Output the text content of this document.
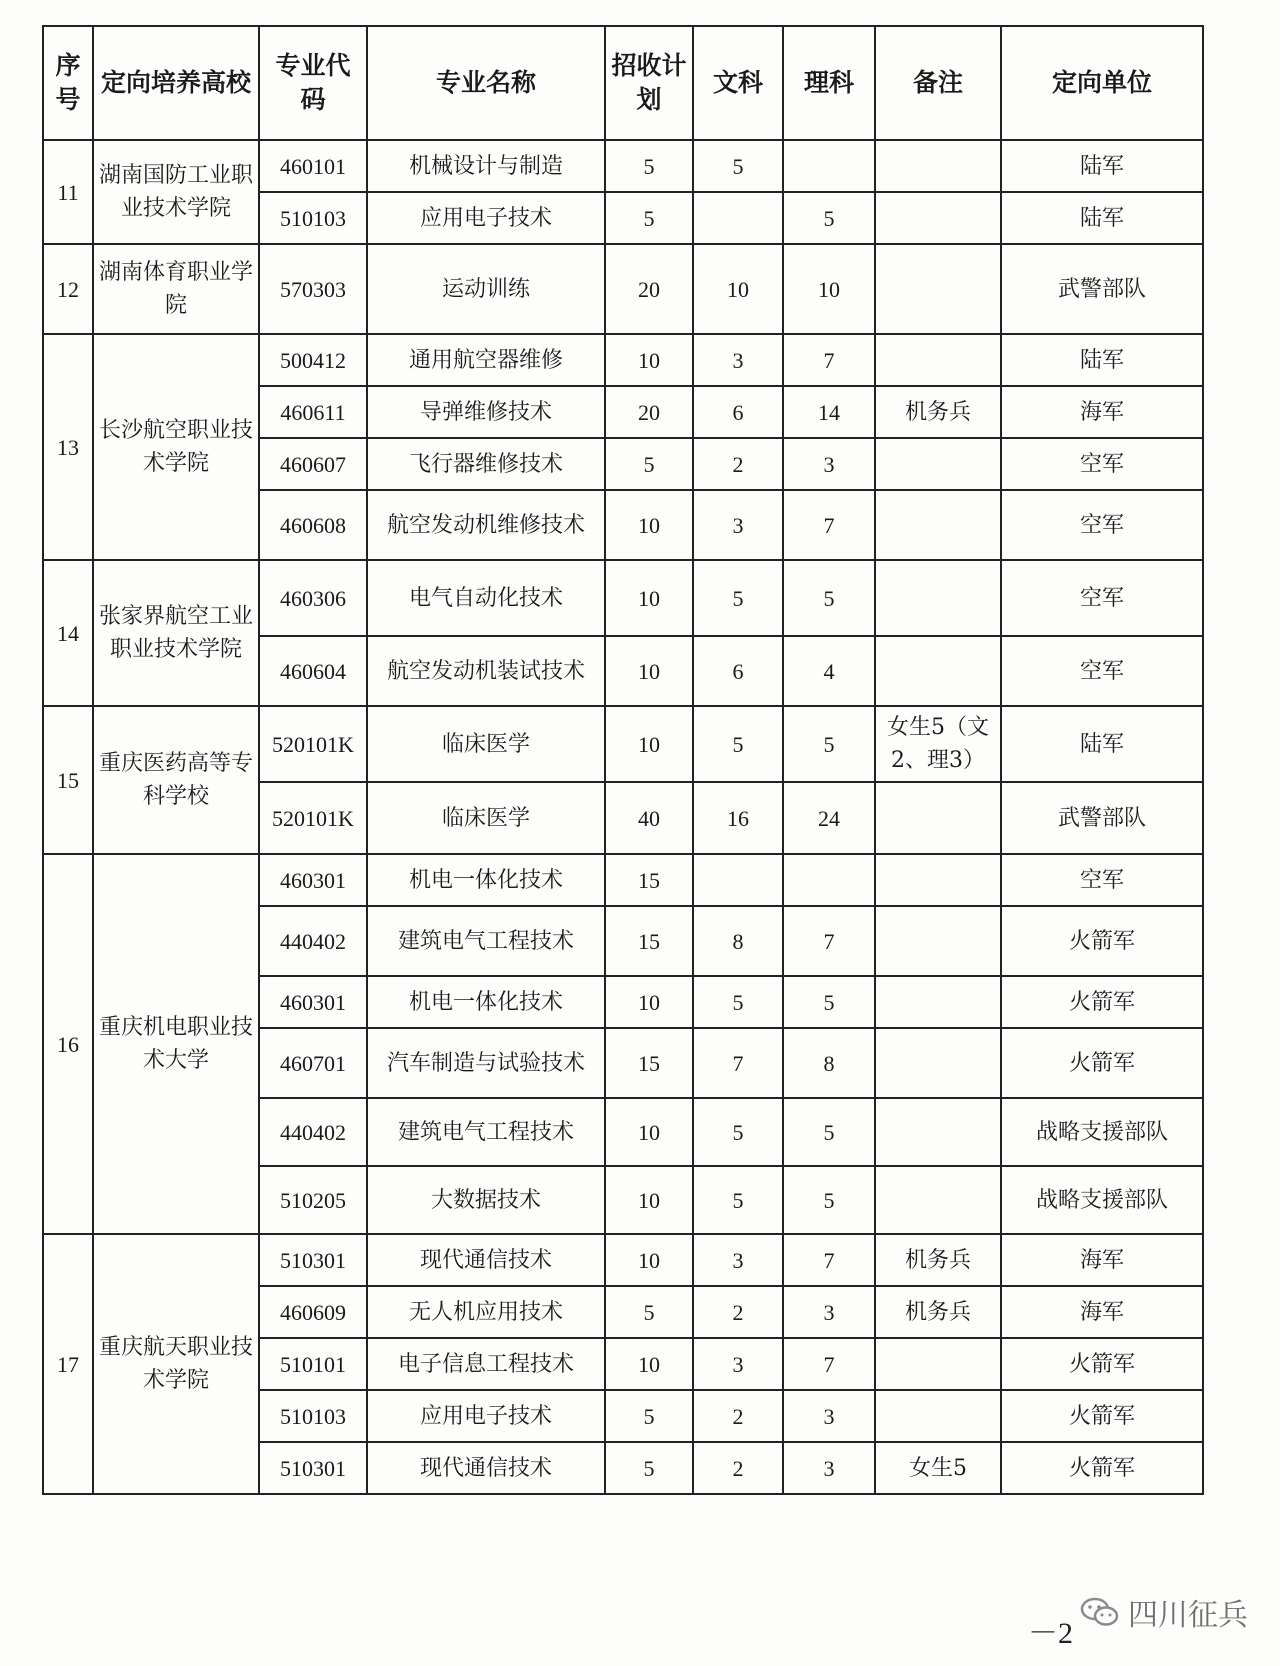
序号	定向培养高校	专业代码	专业名称	招收计划	文科	理科	备注	定向单位
11	湖南国防工业职业技术学院	460101	机械设计与制造	5	5			陆军
		510103	应用电子技术	5		5		陆军
12	湖南体育职业学院	570303	运动训练	20	10	10		武警部队
13	长沙航空职业技术学院	500412	通用航空器维修	10	3	7		陆军
		460611	导弹维修技术	20	6	14	机务兵	海军
		460607	飞行器维修技术	5	2	3		空军
		460608	航空发动机维修技术	10	3	7		空军
14	张家界航空工业职业技术学院	460306	电气自动化技术	10	5	5		空军
		460604	航空发动机装试技术	10	6	4		空军
15	重庆医药高等专科学校	520101K	临床医学	10	5	5	女生5（文2、理3）	陆军
		520101K	临床医学	40	16	24		武警部队
16	重庆机电职业技术大学	460301	机电一体化技术	15				空军
		440402	建筑电气工程技术	15	8	7		火箭军
		460301	机电一体化技术	10	5	5		火箭军
		460701	汽车制造与试验技术	15	7	8		火箭军
		440402	建筑电气工程技术	10	5	5		战略支援部队
		510205	大数据技术	10	5	5		战略支援部队
17	重庆航天职业技术学院	510301	现代通信技术	10	3	7	机务兵	海军
		460609	无人机应用技术	5	2	3	机务兵	海军
		510101	电子信息工程技术	10	3	7		火箭军
		510103	应用电子技术	5	2	3		火箭军
		510301	现代通信技术	5	2	3	女生5	火箭军
－2
四川征兵
